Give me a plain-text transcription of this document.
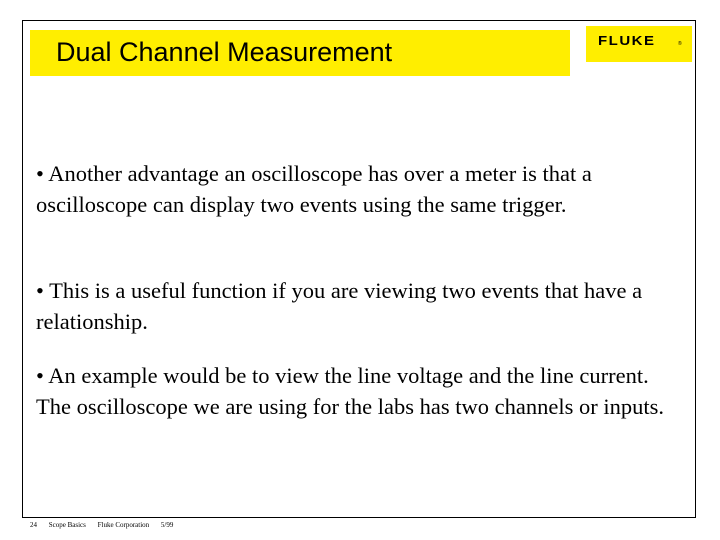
Dual Channel Measurement	FLUKE	®

• Another advantage an oscilloscope has over a meter is that a oscilloscope can display two events using the same trigger.

• This is a useful function if you are viewing two events that have a relationship.

• An example would be to view the line voltage and the line current. The oscilloscope we are using for the labs has two channels or inputs.

24 Scope Basics Fluke Corporation 5/99
